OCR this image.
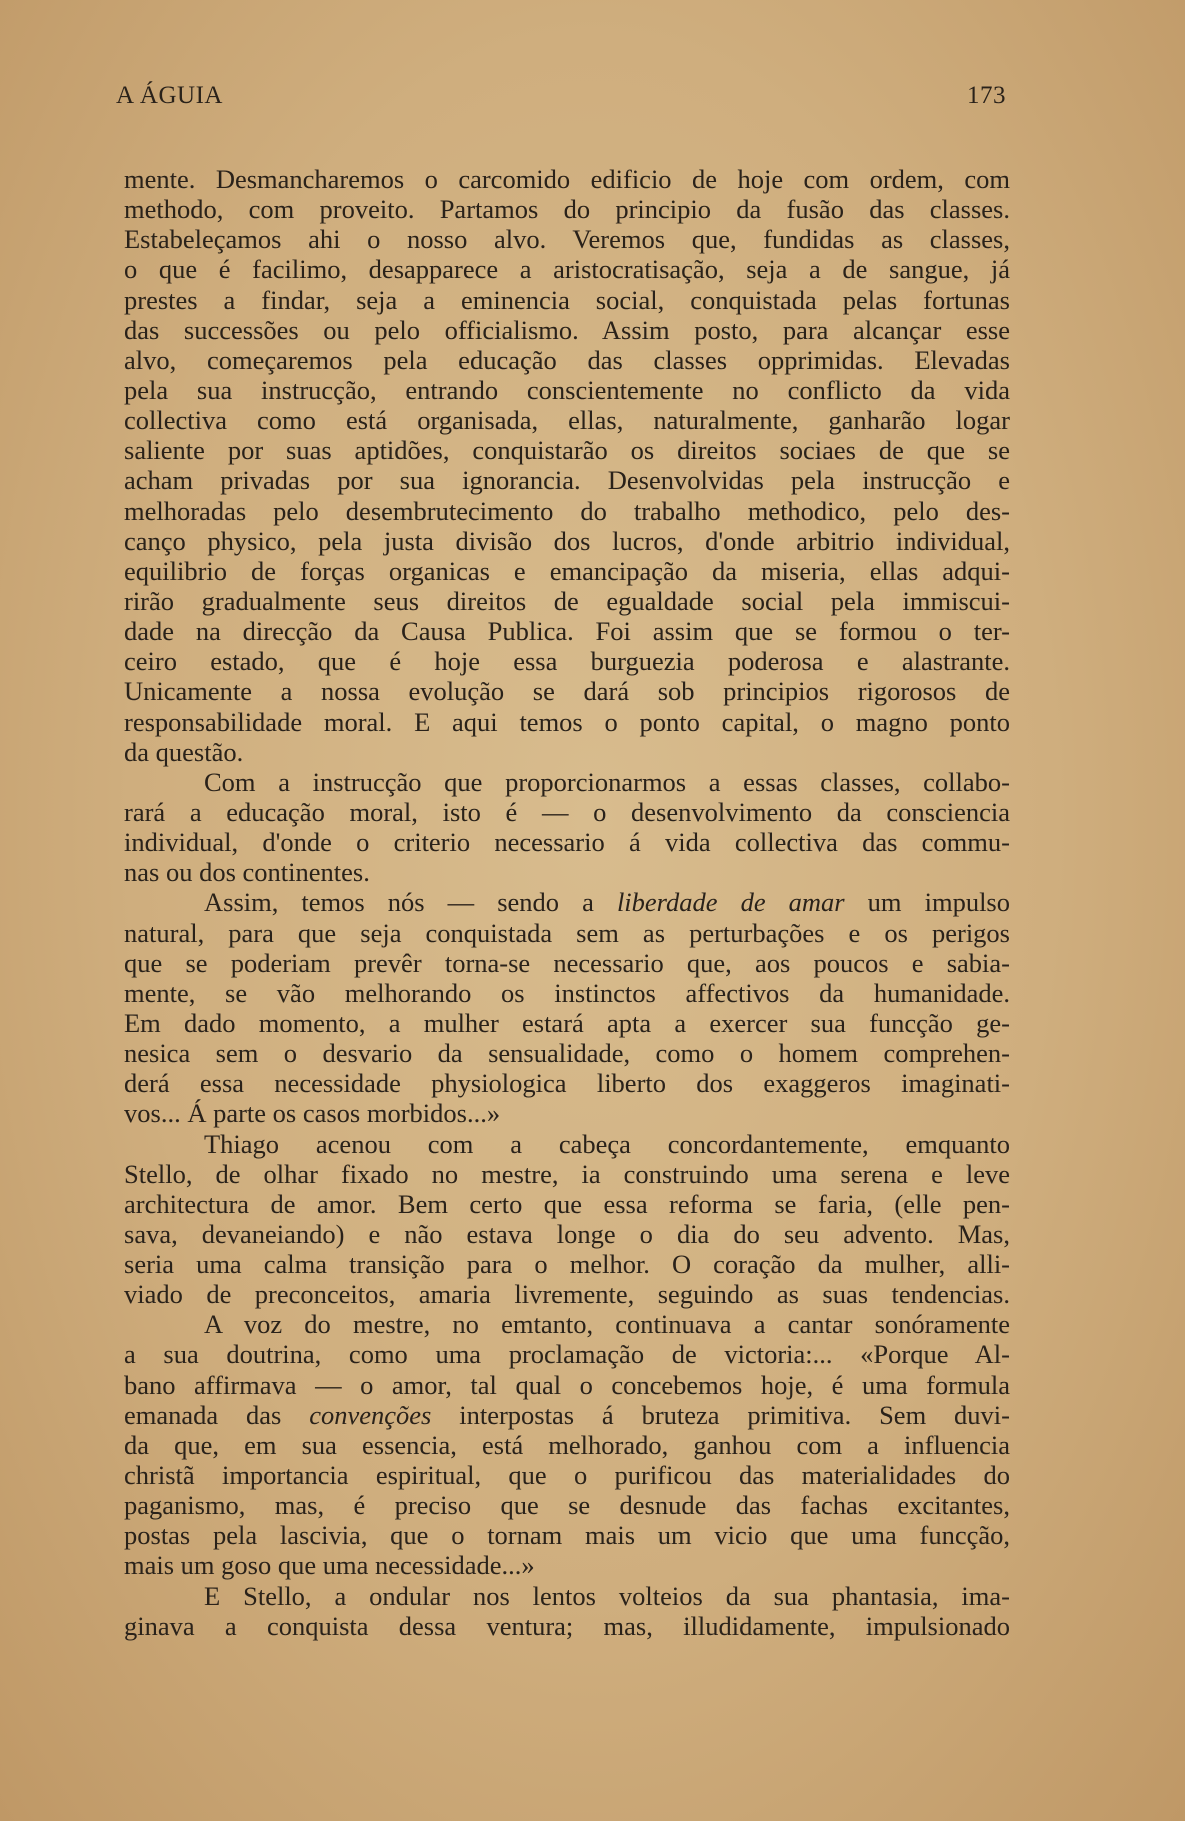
A ÁGUIA	173
mente. Desmancharemos o carcomido edificio de hoje com ordem, com
methodo, com proveito. Partamos do principio da fusão das classes.
Estabeleçamos ahi o nosso alvo. Veremos que, fundidas as classes,
o que é facilimo, desapparece a aristocratisação, seja a de sangue, já
prestes a findar, seja a eminencia social, conquistada pelas fortunas
das successões ou pelo officialismo. Assim posto, para alcançar esse
alvo, começaremos pela educação das classes opprimidas. Elevadas
pela sua instrucção, entrando conscientemente no conflicto da vida
collectiva como está organisada, ellas, naturalmente, ganharão logar
saliente por suas aptidões, conquistarão os direitos sociaes de que se
acham privadas por sua ignorancia. Desenvolvidas pela instrucção e
melhoradas pelo desembrutecimento do trabalho methodico, pelo des-
canço physico, pela justa divisão dos lucros, d'onde arbitrio individual,
equilibrio de forças organicas e emancipação da miseria, ellas adqui-
rirão gradualmente seus direitos de egualdade social pela immiscui-
dade na direcção da Causa Publica. Foi assim que se formou o ter-
ceiro estado, que é hoje essa burguezia poderosa e alastrante.
Unicamente a nossa evolução se dará sob principios rigorosos de
responsabilidade moral. E aqui temos o ponto capital, o magno ponto
da questão.
Com a instrucção que proporcionarmos a essas classes, collabo-
rará a educação moral, isto é — o desenvolvimento da consciencia
individual, d'onde o criterio necessario á vida collectiva das commu-
nas ou dos continentes.
Assim, temos nós — sendo a liberdade de amar um impulso
natural, para que seja conquistada sem as perturbações e os perigos
que se poderiam prevêr torna-se necessario que, aos poucos e sabia-
mente, se vão melhorando os instinctos affectivos da humanidade.
Em dado momento, a mulher estará apta a exercer sua funcção ge-
nesica sem o desvario da sensualidade, como o homem comprehen-
derá essa necessidade physiologica liberto dos exaggeros imaginati-
vos... Á parte os casos morbidos...»
Thiago acenou com a cabeça concordantemente, emquanto
Stello, de olhar fixado no mestre, ia construindo uma serena e leve
architectura de amor. Bem certo que essa reforma se faria, (elle pen-
sava, devaneiando) e não estava longe o dia do seu advento. Mas,
seria uma calma transição para o melhor. O coração da mulher, alli-
viado de preconceitos, amaria livremente, seguindo as suas tendencias.
A voz do mestre, no emtanto, continuava a cantar sonóramente
a sua doutrina, como uma proclamação de victoria:... «Porque Al-
bano affirmava — o amor, tal qual o concebemos hoje, é uma formula
emanada das convenções interpostas á bruteza primitiva. Sem duvi-
da que, em sua essencia, está melhorado, ganhou com a influencia
christã importancia espiritual, que o purificou das materialidades do
paganismo, mas, é preciso que se desnude das fachas excitantes,
postas pela lascivia, que o tornam mais um vicio que uma funcção,
mais um goso que uma necessidade...»
E Stello, a ondular nos lentos volteios da sua phantasia, ima-
ginava a conquista dessa ventura; mas, illudidamente, impulsionado
